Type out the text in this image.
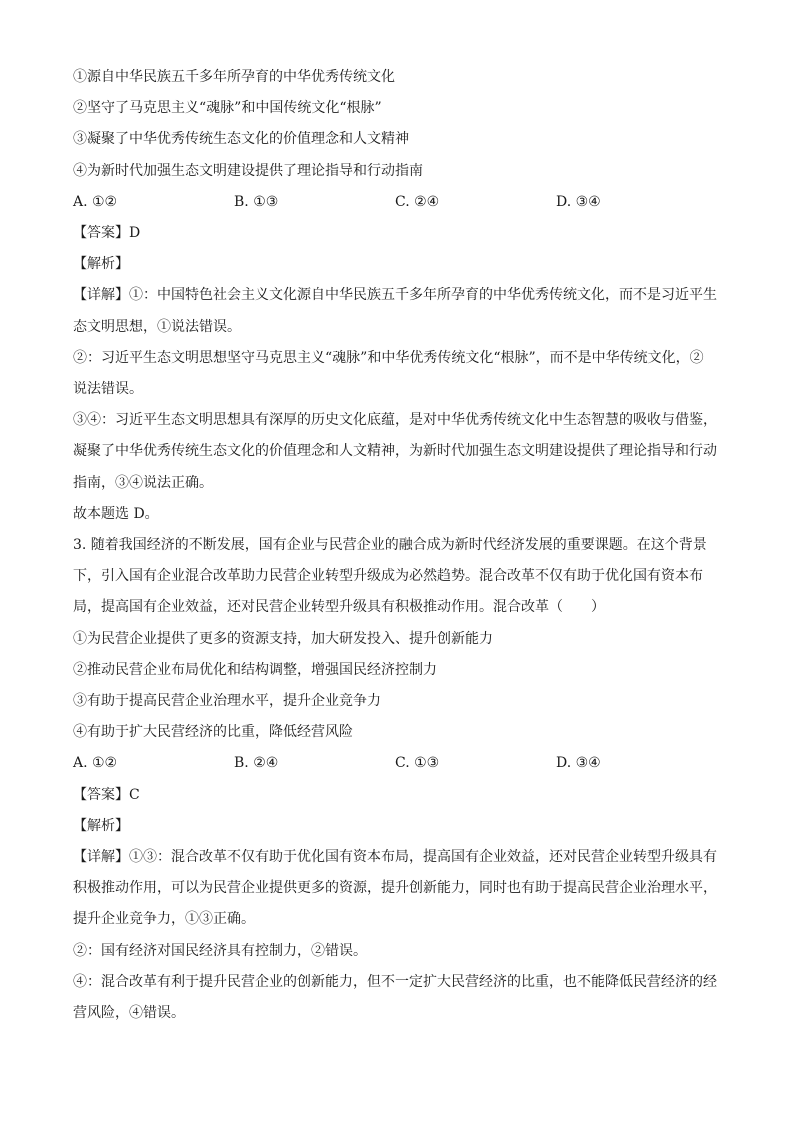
①源自中华民族五千多年所孕育的中华优秀传统文化
②坚守了马克思主义“魂脉”和中国传统文化“根脉”
③凝聚了中华优秀传统生态文化的价值理念和人文精神
④为新时代加强生态文明建设提供了理论指导和行动指南
A. ①②	B. ①③	C. ②④	D. ③④
【答案】D
【解析】
【详解】①：中国特色社会主义文化源自中华民族五千多年所孕育的中华优秀传统文化，而不是习近平生
态文明思想，①说法错误。
②：习近平生态文明思想坚守马克思主义“魂脉”和中华优秀传统文化“根脉”，而不是中华传统文化，②
说法错误。
③④：习近平生态文明思想具有深厚的历史文化底蕴，是对中华优秀传统文化中生态智慧的吸收与借鉴，
凝聚了中华优秀传统生态文化的价值理念和人文精神，为新时代加强生态文明建设提供了理论指导和行动
指南，③④说法正确。
故本题选 D。
3. 随着我国经济的不断发展，国有企业与民营企业的融合成为新时代经济发展的重要课题。在这个背景
下，引入国有企业混合改革助力民营企业转型升级成为必然趋势。混合改革不仅有助于优化国有资本布
局，提高国有企业效益，还对民营企业转型升级具有积极推动作用。混合改革（　　）
①为民营企业提供了更多的资源支持，加大研发投入、提升创新能力
②推动民营企业布局优化和结构调整，增强国民经济控制力
③有助于提高民营企业治理水平，提升企业竞争力
④有助于扩大民营经济的比重，降低经营风险
A. ①②	B. ②④	C. ①③	D. ③④
【答案】C
【解析】
【详解】①③：混合改革不仅有助于优化国有资本布局，提高国有企业效益，还对民营企业转型升级具有
积极推动作用，可以为民营企业提供更多的资源，提升创新能力，同时也有助于提高民营企业治理水平，
提升企业竞争力，①③正确。
②：国有经济对国民经济具有控制力，②错误。
④：混合改革有利于提升民营企业的创新能力，但不一定扩大民营经济的比重，也不能降低民营经济的经
营风险，④错误。
